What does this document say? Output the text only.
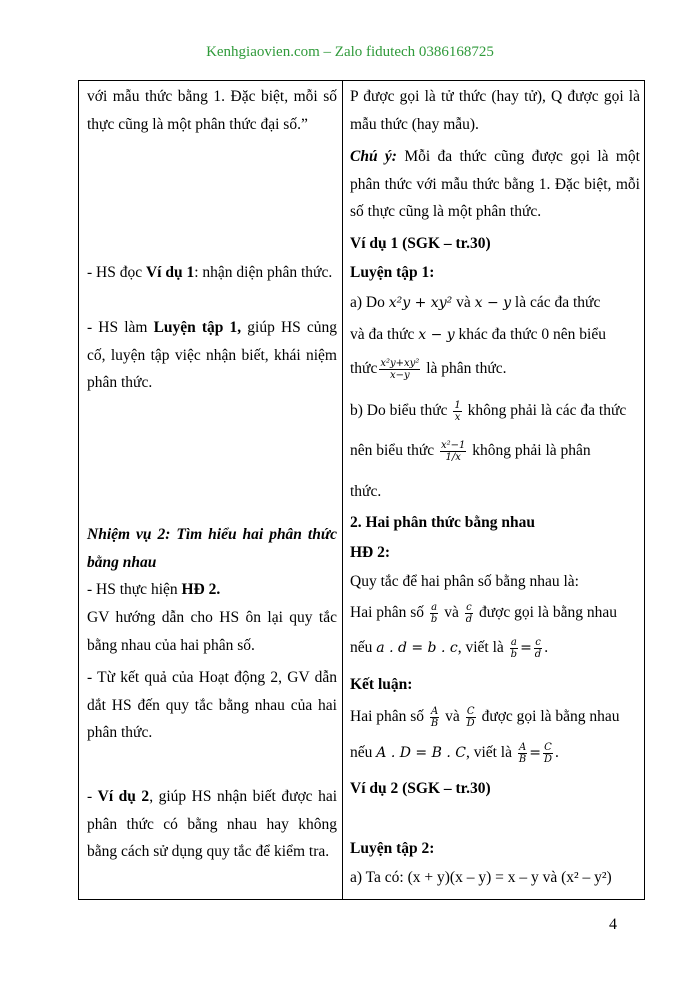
Kenhgiaovien.com – Zalo fidutech 0386168725

với mẫu thức bằng 1. Đặc biệt, mỗi số thực cũng là một phân thức đại số.”

- HS đọc Ví dụ 1: nhận diện phân thức.

- HS làm Luyện tập 1, giúp HS củng cố, luyện tập việc nhận biết, khái niệm phân thức.

Nhiệm vụ 2: Tìm hiểu hai phân thức bằng nhau

- HS thực hiện HĐ 2.

GV hướng dẫn cho HS ôn lại quy tắc bằng nhau của hai phân số.

- Từ kết quả của Hoạt động 2, GV dẫn dắt HS đến quy tắc bằng nhau của hai phân thức.

- Ví dụ 2, giúp HS nhận biết được hai phân thức có bằng nhau hay không bằng cách sử dụng quy tắc để kiểm tra.

P được gọi là tử thức (hay tử), Q được gọi là mẫu thức (hay mẫu).

Chú ý: Mỗi đa thức cũng được gọi là một phân thức với mẫu thức bằng 1. Đặc biệt, mỗi số thực cũng là một phân thức.

Ví dụ 1 (SGK – tr.30)

Luyện tập 1:

a) Do x²y + xy² và x − y là các đa thức

và đa thức x − y khác đa thức 0 nên biểu

thức $\frac{\text{x²y+xy²}}{x-y}$ là phân thức.

b) Do biểu thức $\frac{1}{x}$ không phải là các đa thức

nên biểu thức $\frac{\text{x²−1}}{1/x}$ không phải là phân

thức.

2. Hai phân thức bằng nhau

HĐ 2:

Quy tắc để hai phân số bằng nhau là:

Hai phân số $\frac{a}{b}$ và $\frac{c}{d}$ được gọi là bằng nhau

nếu a . d = b . c, viết là $\frac{a}{b} = \frac{c}{d}$ .

Kết luận:

Hai phân số $\frac{A}{B}$ và $\frac{C}{D}$ được gọi là bằng nhau

nếu A . D = B . C, viết là $\frac{A}{B} = \frac{C}{D}$ .

Ví dụ 2 (SGK – tr.30)

Luyện tập 2:

a) Ta có: (x + y)(x – y) = x – y và (x² – y²)

4
